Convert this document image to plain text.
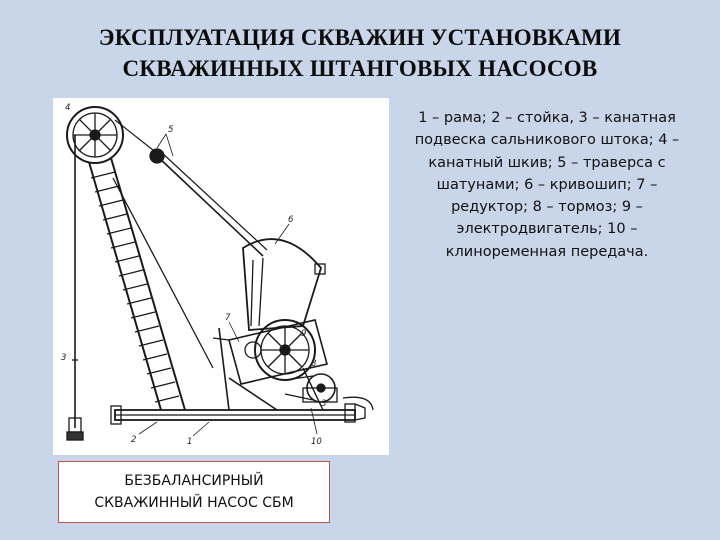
ЭКСПЛУАТАЦИЯ СКВАЖИН УСТАНОВКАМИ
СКВАЖИННЫХ ШТАНГОВЫХ НАСОСОВ
4
5
6
7
8
9
3
3
2	1	10
1 – рама; 2 – стойка, 3 – канатная подвеска сальникового штока; 4 – канатный шкив; 5 – траверса с шатунами; 6 – кривошип; 7 – редуктор; 8 – тормоз; 9 – электродвигатель; 10 – клиноременная передача.
БЕЗБАЛАНСИРНЫЙ
СКВАЖИННЫЙ НАСОС СБМ
